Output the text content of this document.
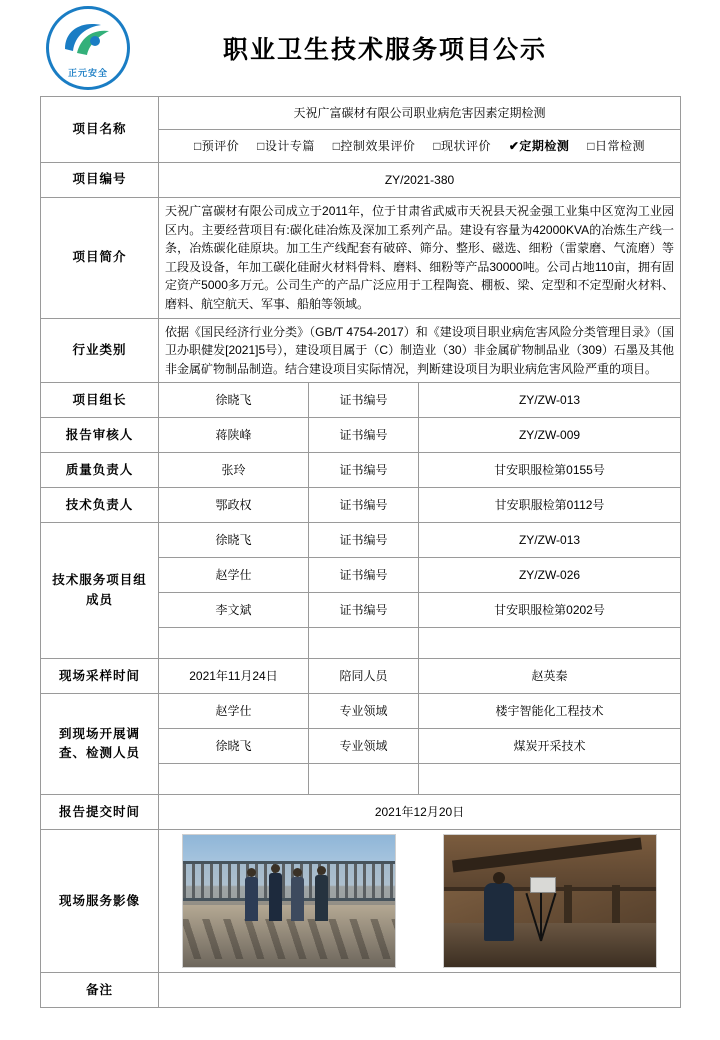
正元安全
职业卫生技术服务项目公示
项目名称	天祝广富碳材有限公司职业病危害因素定期检测		
	□预评价 □设计专篇 □控制效果评价 □现状评价 ✔定期检测 □日常检测		
项目编号	ZY/2021-380		
项目简介	天祝广富碳材有限公司成立于2011年，位于甘肃省武威市天祝县天祝金强工业集中区宽沟工业园区内。主要经营项目有:碳化硅冶炼及深加工系列产品。建设有容量为42000KVA的冶炼生产线一条，冶炼碳化硅原块。加工生产线配套有破碎、筛分、整形、磁选、细粉（雷蒙磨、气流磨）等工段及设备，年加工碳化硅耐火材料骨料、磨料、细粉等产品30000吨。公司占地110亩，拥有固定资产5000多万元。公司生产的产品广泛应用于工程陶瓷、棚板、梁、定型和不定型耐火材料、磨料、航空航天、军事、船舶等领域。		
行业类别	依据《国民经济行业分类》（GB/T 4754-2017）和《建设项目职业病危害风险分类管理目录》（国卫办职健发[2021]5号），建设项目属于（C）制造业（30）非金属矿物制品业（309）石墨及其他非金属矿物制品制造。结合建设项目实际情况，判断建设项目为职业病危害风险严重的项目。		
项目组长	徐晓飞	证书编号	ZY/ZW-013
报告审核人	蒋陕峰	证书编号	ZY/ZW-009
质量负责人	张玲	证书编号	甘安职服检第0155号
技术负责人	鄂政权	证书编号	甘安职服检第0112号
技术服务项目组成员	徐晓飞	证书编号	ZY/ZW-013
	赵学仕	证书编号	ZY/ZW-026
	李文斌	证书编号	甘安职服检第0202号

现场采样时间	2021年11月24日	陪同人员	赵英秦
到现场开展调查、检测人员	赵学仕	专业领域	楼宇智能化工程技术
	徐晓飞	专业领域	煤炭开采技术

报告提交时间	2021年12月20日		
现场服务影像			

备注			
